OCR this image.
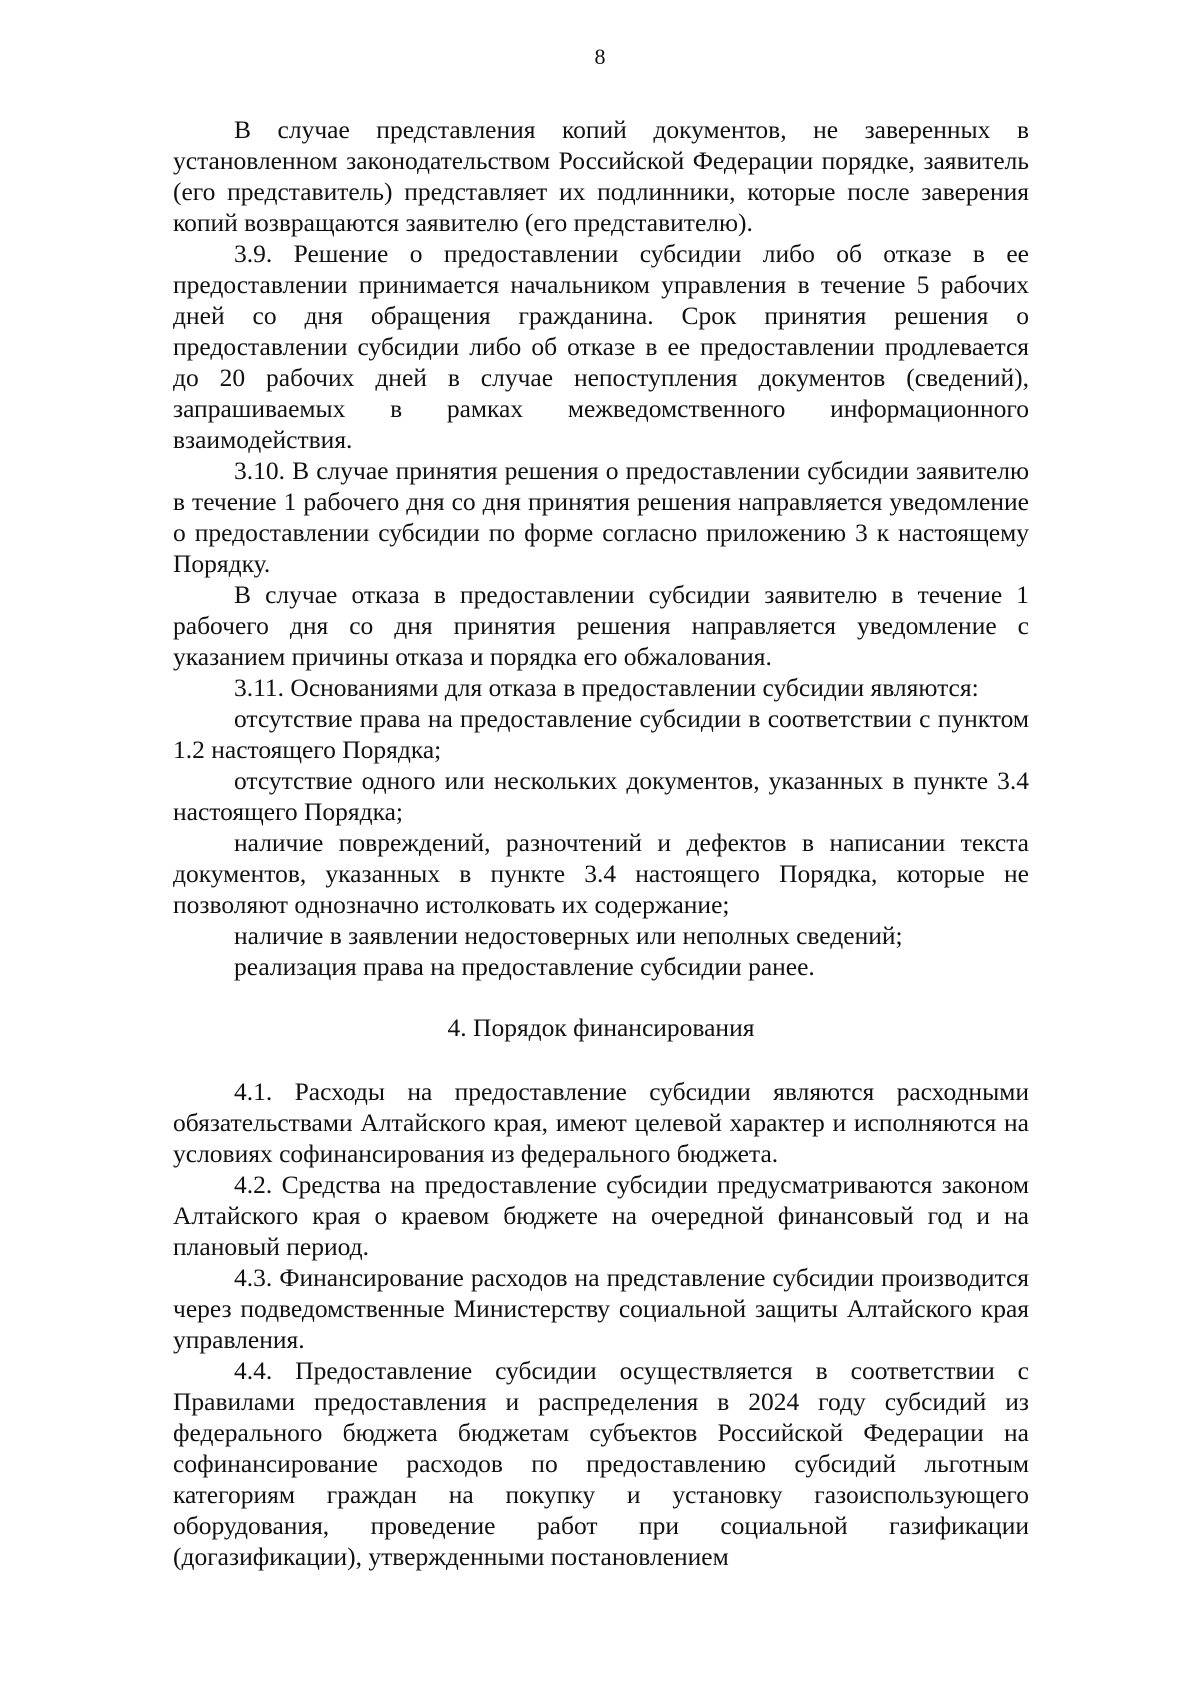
8

В случае представления копий документов, не заверенных в установленном законодательством Российской Федерации порядке, заявитель (его представитель) представляет их подлинники, которые после заверения копий возвращаются заявителю (его представителю).

3.9. Решение о предоставлении субсидии либо об отказе в ее предоставлении принимается начальником управления в течение 5 рабочих дней со дня обращения гражданина. Срок принятия решения о предоставлении субсидии либо об отказе в ее предоставлении продлевается до 20 рабочих дней в случае непоступления документов (сведений), запрашиваемых в рамках межведомственного информационного взаимодействия.

3.10. В случае принятия решения о предоставлении субсидии заявителю в течение 1 рабочего дня со дня принятия решения направляется уведомление о предоставлении субсидии по форме согласно приложению 3 к настоящему Порядку.

В случае отказа в предоставлении субсидии заявителю в течение 1 рабочего дня со дня принятия решения направляется уведомление с указанием причины отказа и порядка его обжалования.

3.11. Основаниями для отказа в предоставлении субсидии являются:

отсутствие права на предоставление субсидии в соответствии с пунктом 1.2 настоящего Порядка;

отсутствие одного или нескольких документов, указанных в пункте 3.4 настоящего Порядка;

наличие повреждений, разночтений и дефектов в написании текста документов, указанных в пункте 3.4 настоящего Порядка, которые не позволяют однозначно истолковать их содержание;

наличие в заявлении недостоверных или неполных сведений;

реализация права на предоставление субсидии ранее.

4. Порядок финансирования

4.1. Расходы на предоставление субсидии являются расходными обязательствами Алтайского края, имеют целевой характер и исполняются на условиях софинансирования из федерального бюджета.

4.2. Средства на предоставление субсидии предусматриваются законом Алтайского края о краевом бюджете на очередной финансовый год и на плановый период.

4.3. Финансирование расходов на представление субсидии производится через подведомственные Министерству социальной защиты Алтайского края управления.

4.4. Предоставление субсидии осуществляется в соответствии с Правилами предоставления и распределения в 2024 году субсидий из федерального бюджета бюджетам субъектов Российской Федерации на софинансирование расходов по предоставлению субсидий льготным категориям граждан на покупку и установку газоиспользующего оборудования, проведение работ при социальной газификации (догазификации), утвержденными постановлением
